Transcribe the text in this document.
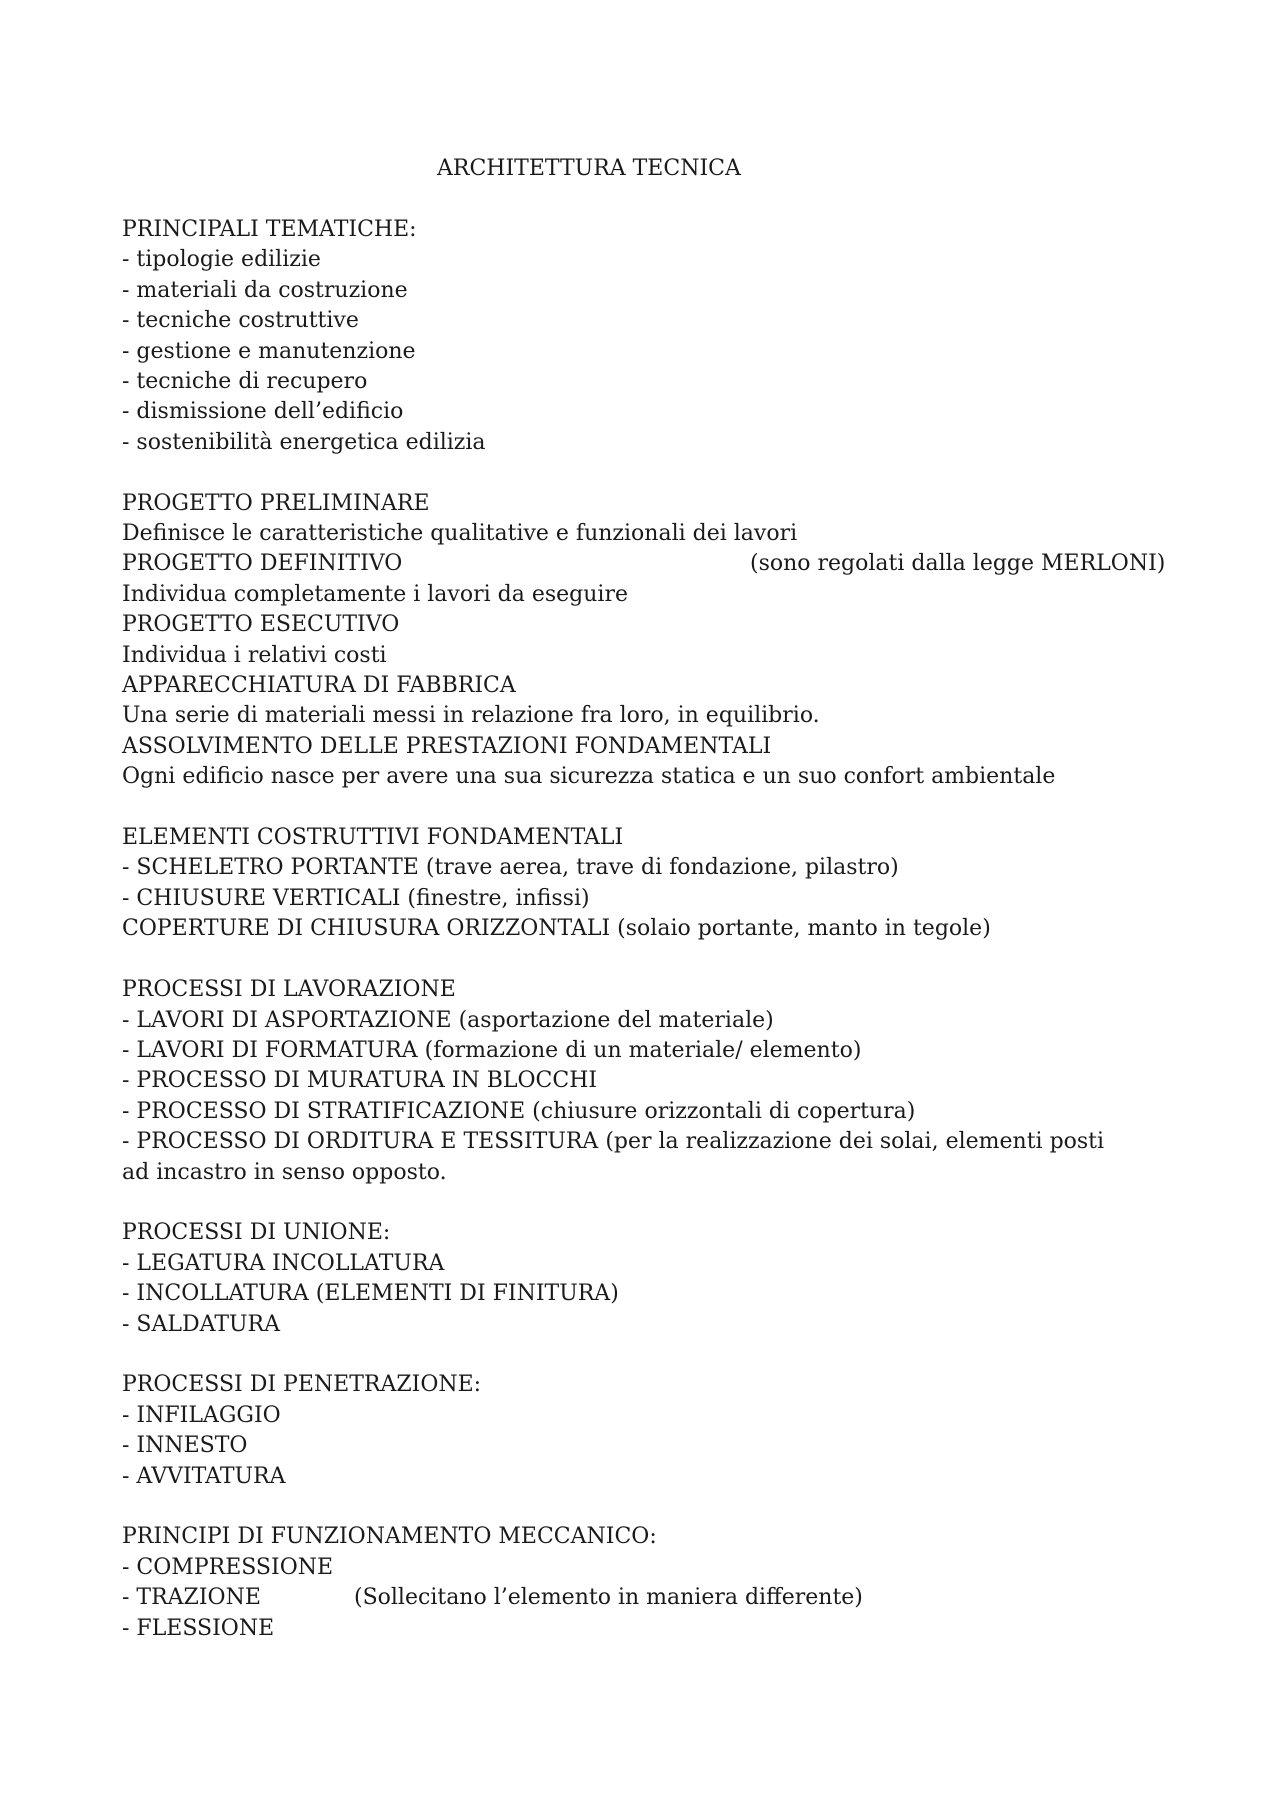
ARCHITETTURA TECNICA
PRINCIPALI TEMATICHE:
- tipologie edilizie
- materiali da costruzione
- tecniche costruttive
- gestione e manutenzione
- tecniche di recupero
- dismissione dell’edificio
- sostenibilità energetica edilizia
PROGETTO PRELIMINARE
Definisce le caratteristiche qualitative e funzionali dei lavori
PROGETTO DEFINITIVO	(sono regolati dalla legge MERLONI)
Individua completamente i lavori da eseguire
PROGETTO ESECUTIVO
Individua i relativi costi
APPARECCHIATURA DI FABBRICA
Una serie di materiali messi in relazione fra loro, in equilibrio.
ASSOLVIMENTO DELLE PRESTAZIONI FONDAMENTALI
Ogni edificio nasce per avere una sua sicurezza statica e un suo confort ambientale
ELEMENTI COSTRUTTIVI FONDAMENTALI
- SCHELETRO PORTANTE (trave aerea, trave di fondazione, pilastro)
- CHIUSURE VERTICALI (finestre, infissi)
COPERTURE DI CHIUSURA ORIZZONTALI (solaio portante, manto in tegole)
PROCESSI DI LAVORAZIONE
- LAVORI DI ASPORTAZIONE (asportazione del materiale)
- LAVORI DI FORMATURA (formazione di un materiale/ elemento)
- PROCESSO DI MURATURA IN BLOCCHI
- PROCESSO DI STRATIFICAZIONE (chiusure orizzontali di copertura)
- PROCESSO DI ORDITURA E TESSITURA (per la realizzazione dei solai, elementi posti ad incastro in senso opposto.
PROCESSI DI UNIONE:
- LEGATURA INCOLLATURA
- INCOLLATURA (ELEMENTI DI FINITURA)
- SALDATURA
PROCESSI DI PENETRAZIONE:
- INFILAGGIO
- INNESTO
- AVVITATURA
PRINCIPI DI FUNZIONAMENTO MECCANICO:
- COMPRESSIONE
- TRAZIONE	(Sollecitano l’elemento in maniera differente)
- FLESSIONE
